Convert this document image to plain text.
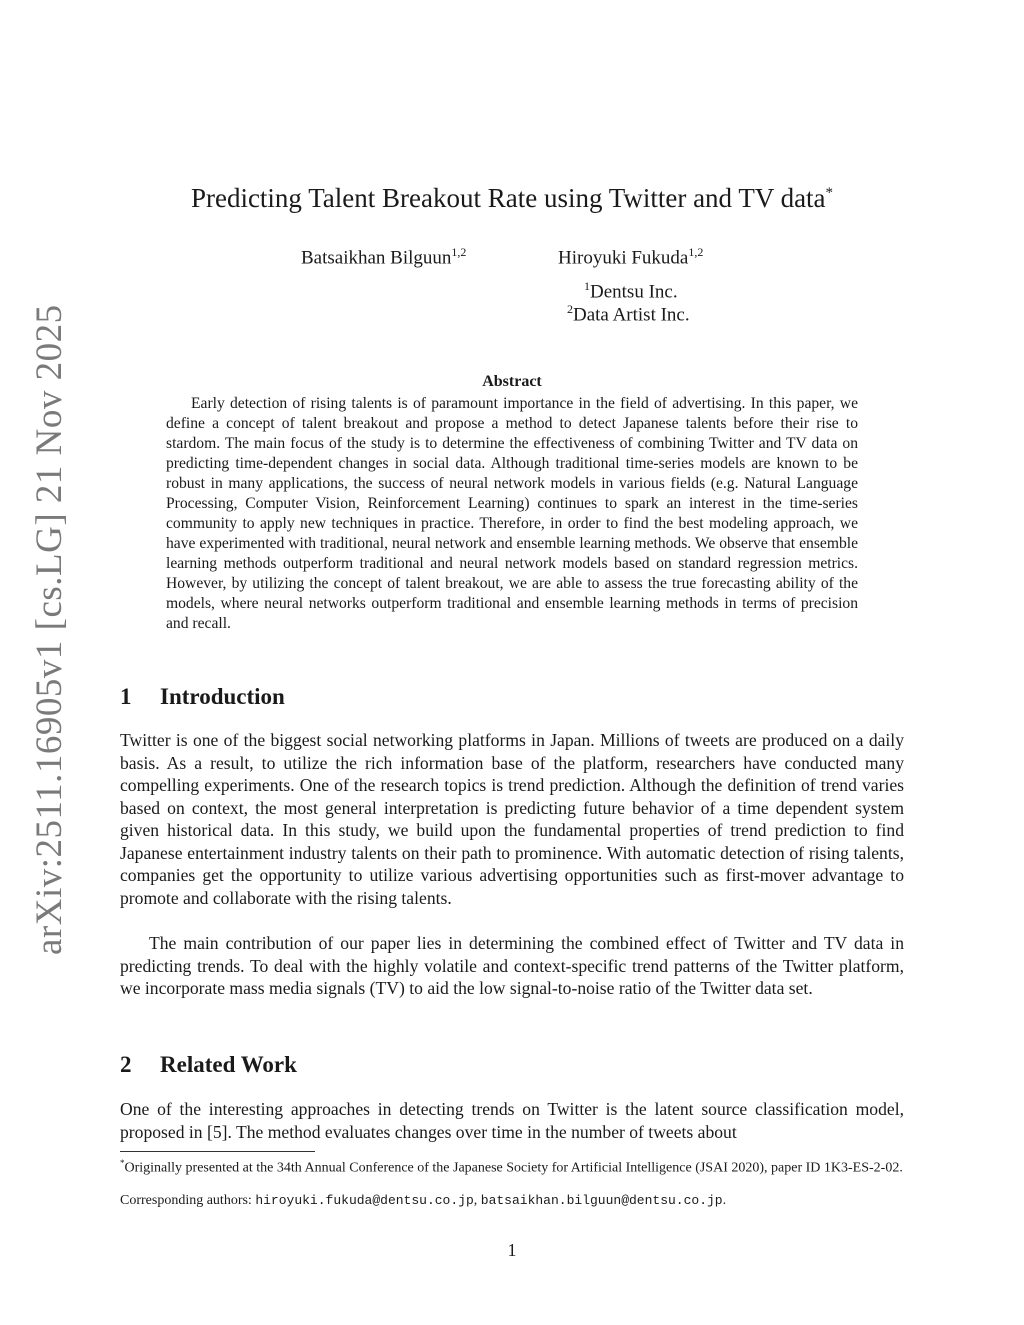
arXiv:2511.16905v1 [cs.LG] 21 Nov 2025
Predicting Talent Breakout Rate using Twitter and TV data*
Batsaikhan Bilguun$^{1,2}$	Hiroyuki Fukuda$^{1,2}$
$^1$Dentsu Inc.
$^2$Data Artist Inc.
Abstract

Early detection of rising talents is of paramount importance in the field of advertising. In this paper, we define a concept of talent breakout and propose a method to detect Japanese talents before their rise to stardom. The main focus of the study is to determine the effectiveness of combining Twitter and TV data on predicting time-dependent changes in social data. Although traditional time-series models are known to be robust in many applications, the success of neural network models in various fields (e.g. Natural Language Processing, Computer Vision, Reinforcement Learning) continues to spark an interest in the time-series community to apply new techniques in practice. Therefore, in order to find the best modeling approach, we have experimented with traditional, neural network and ensemble learning methods. We observe that ensemble learning methods outperform traditional and neural network models based on standard regression metrics. However, by utilizing the concept of talent breakout, we are able to assess the true forecasting ability of the models, where neural networks outperform traditional and ensemble learning methods in terms of precision and recall.

1 Introduction

Twitter is one of the biggest social networking platforms in Japan. Millions of tweets are produced on a daily basis. As a result, to utilize the rich information base of the platform, researchers have conducted many compelling experiments. One of the research topics is trend prediction. Although the definition of trend varies based on context, the most general interpretation is predicting future behavior of a time dependent system given historical data. In this study, we build upon the fundamental properties of trend prediction to find Japanese entertainment industry talents on their path to prominence. With automatic detection of rising talents, companies get the opportunity to utilize various advertising opportunities such as first-mover advantage to promote and collaborate with the rising talents.

The main contribution of our paper lies in determining the combined effect of Twitter and TV data in predicting trends. To deal with the highly volatile and context-specific trend patterns of the Twitter platform, we incorporate mass media signals (TV) to aid the low signal-to-noise ratio of the Twitter data set.

2 Related Work

One of the interesting approaches in detecting trends on Twitter is the latent source classification model, proposed in [5]. The method evaluates changes over time in the number of tweets about

*Originally presented at the 34th Annual Conference of the Japanese Society for Artificial Intelligence (JSAI 2020), paper ID 1K3-ES-2-02.

Corresponding authors: hiroyuki.fukuda@dentsu.co.jp, batsaikhan.bilguun@dentsu.co.jp.

1
